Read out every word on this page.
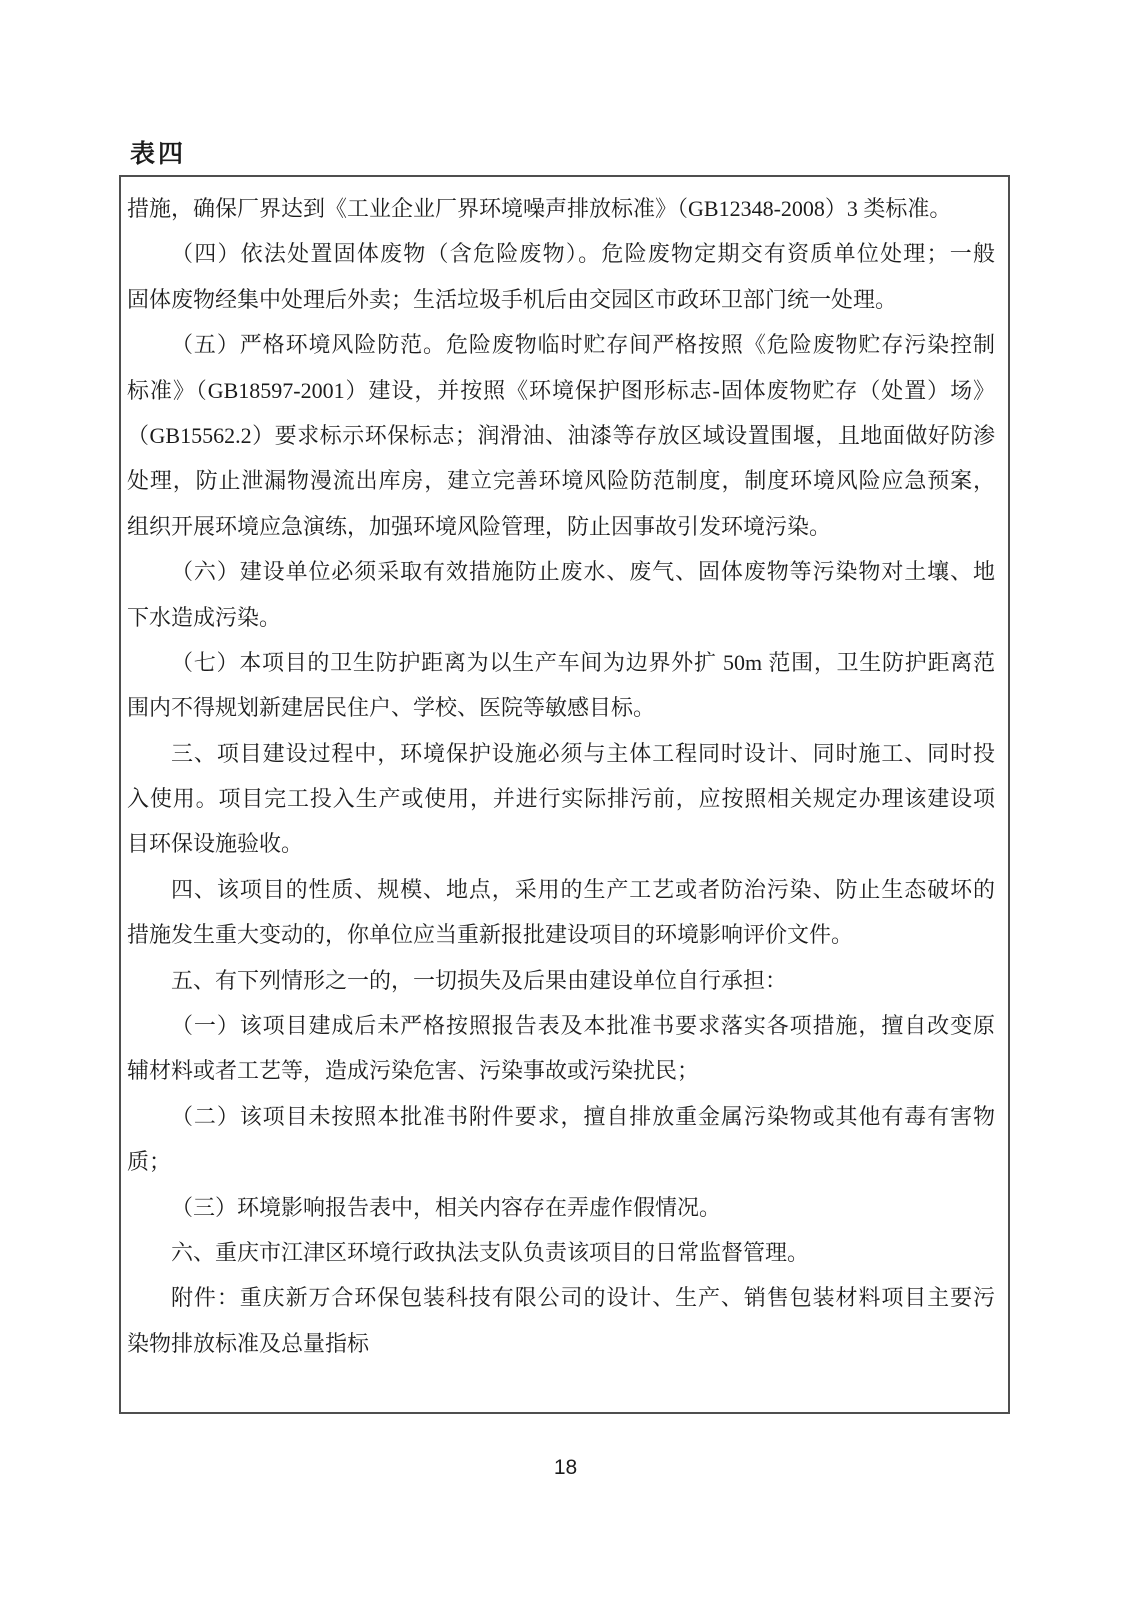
表四
措施，确保厂界达到《工业企业厂界环境噪声排放标准》（GB12348-2008）3 类标准。
（四）依法处置固体废物（含危险废物）。危险废物定期交有资质单位处理；一般
固体废物经集中处理后外卖；生活垃圾手机后由交园区市政环卫部门统一处理。
（五）严格环境风险防范。危险废物临时贮存间严格按照《危险废物贮存污染控制
标准》（GB18597-2001）建设，并按照《环境保护图形标志-固体废物贮存（处置）场》
（GB15562.2）要求标示环保标志；润滑油、油漆等存放区域设置围堰，且地面做好防渗
处理，防止泄漏物漫流出库房，建立完善环境风险防范制度，制度环境风险应急预案，
组织开展环境应急演练，加强环境风险管理，防止因事故引发环境污染。
（六）建设单位必须采取有效措施防止废水、废气、固体废物等污染物对土壤、地
下水造成污染。
（七）本项目的卫生防护距离为以生产车间为边界外扩 50m 范围，卫生防护距离范
围内不得规划新建居民住户、学校、医院等敏感目标。
三、项目建设过程中，环境保护设施必须与主体工程同时设计、同时施工、同时投
入使用。项目完工投入生产或使用，并进行实际排污前，应按照相关规定办理该建设项
目环保设施验收。
四、该项目的性质、规模、地点，采用的生产工艺或者防治污染、防止生态破坏的
措施发生重大变动的，你单位应当重新报批建设项目的环境影响评价文件。
五、有下列情形之一的，一切损失及后果由建设单位自行承担：
（一）该项目建成后未严格按照报告表及本批准书要求落实各项措施，擅自改变原
辅材料或者工艺等，造成污染危害、污染事故或污染扰民；
（二）该项目未按照本批准书附件要求，擅自排放重金属污染物或其他有毒有害物
质；
（三）环境影响报告表中，相关内容存在弄虚作假情况。
六、重庆市江津区环境行政执法支队负责该项目的日常监督管理。
附件：重庆新万合环保包装科技有限公司的设计、生产、销售包装材料项目主要污
染物排放标准及总量指标
18
